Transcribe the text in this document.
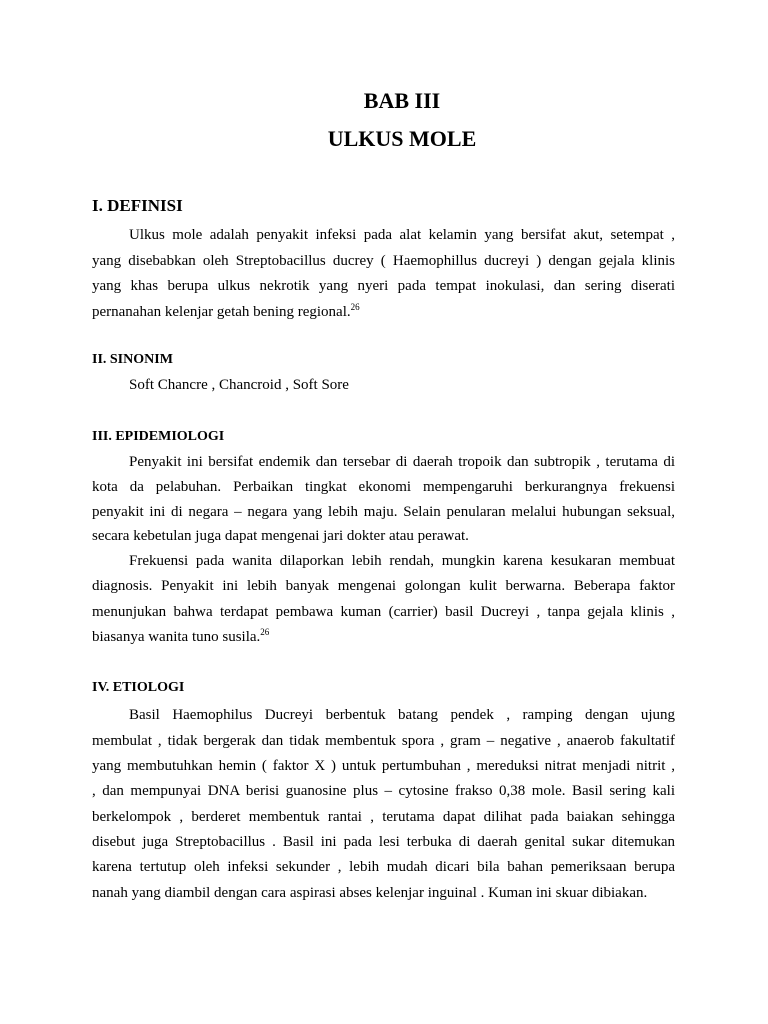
BAB III
ULKUS MOLE
I. DEFINISI
Ulkus mole adalah penyakit infeksi pada alat kelamin yang bersifat akut, setempat ,
yang disebabkan oleh Streptobacillus ducrey ( Haemophillus ducreyi ) dengan gejala klinis
yang khas berupa ulkus nekrotik yang nyeri pada tempat inokulasi, dan sering diserati
pernanahan kelenjar getah bening regional.$^{26}$
II. SINONIM
Soft Chancre , Chancroid , Soft Sore
III. EPIDEMIOLOGI
Penyakit ini bersifat endemik dan tersebar di daerah tropoik dan subtropik , terutama di
kota da pelabuhan. Perbaikan tingkat ekonomi mempengaruhi berkurangnya frekuensi
penyakit ini di negara – negara yang lebih maju. Selain penularan melalui hubungan seksual,
secara kebetulan juga dapat mengenai jari dokter atau perawat.
Frekuensi pada wanita dilaporkan lebih rendah, mungkin karena kesukaran membuat
diagnosis. Penyakit ini lebih banyak mengenai golongan kulit berwarna. Beberapa faktor
menunjukan bahwa terdapat pembawa kuman (carrier) basil Ducreyi , tanpa gejala klinis ,
biasanya wanita tuno susila.$^{26}$
IV. ETIOLOGI
Basil Haemophilus Ducreyi berbentuk batang pendek , ramping dengan ujung
membulat , tidak bergerak dan tidak membentuk spora , gram – negative , anaerob fakultatif
yang membutuhkan hemin ( faktor X ) untuk pertumbuhan , mereduksi nitrat menjadi nitrit ,
, dan mempunyai DNA berisi guanosine plus – cytosine frakso 0,38 mole. Basil sering kali
berkelompok , berderet membentuk rantai , terutama dapat dilihat pada baiakan sehingga
disebut juga Streptobacillus . Basil ini pada lesi terbuka di daerah genital sukar ditemukan
karena tertutup oleh infeksi sekunder , lebih mudah dicari bila bahan pemeriksaan berupa
nanah yang diambil dengan cara aspirasi abses kelenjar inguinal . Kuman ini skuar dibiakan.
